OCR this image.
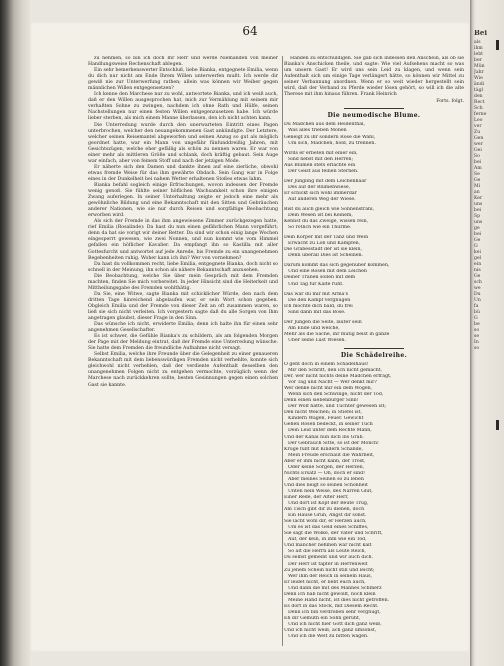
64

zu nehmen, so bin ich doch Ihr Herr und werde Niemanden von meiner Handlungsweise Rechenschaft ablegen.

Ein sehr bemerkenswerter Entschluß, liebe Bianka, entgegnete Emilia, wenn du dich nur nicht am Ende Ihrem Willen unterwerfen mußt. Ich werde dir gewiß nie zur Unterwerfung rathen; allein was können wir Weiber gegen männlichen Willen entgegensetzen?

Ich kenne den Marchese nur zu wohl, antwortete Bianka, und ich weiß auch, daß er den Willen ausgesprochen hat, mich zur Vermählung mit seinem mir verhaßten Sohne zu zwingen, nachdem ich ohne Rath und Hülfe, seinen Nachstellungen nur einen festen Willen entgegenzusetzen habe. Ich würde lieber sterben, als mich einem Manne überlassen, den ich nicht achten kann.

Die Unterredung wurde durch den unerwarteten Eintritt eines Pagen unterbrochen, welcher den neuangekommenen Gast ankündigte. Der Letztere, welcher seinen Reisemantel abgeworfen und seinen Anzug so gut als möglich geordnet hatte, war ein Mann von ungefähr fünfunddreißig Jahren, mit Gesichtszügen, welche eher gefällig als schön zu nennen waren. Er war von einer mehr als mittleren Größe und schlank, doch kräftig gebaut. Sein Auge war einfach, aber von feinem Stoff und nach der jetzigen Mode.

Er näherte sich den Damen und dankte ihnen auf eine zierliche, obwohl etwas fremde Weise für das ihm gewährte Obdach. Sein Gang war in Folge eines in der Dunkelheit bei nahem Wetter erhaltenen Stoßes etwas lahm.

Bianka befahl sogleich einige Erfrischungen, wovon indessen der Fremde wenig genoß. Sie fühlte seiner höflichen Wachsamkeit schon ihre einigen Zwang auferlegen. In seiner Unterhaltung zeigte er jedoch eine mehr als gewöhnliche Bildung und eine Bekanntschaft mit den Sitten und Gebräuchen anderer Nationen, wie sie nur durch Reisen und sorgfältige Beobachtung erworben wird.

Als sich der Fremde in das ihm angewiesene Zimmer zurückgezogen hatte, rief Emilia (Rosalinde): Da hast du nun einen gefährlichen Mann vorgeführt; denn da hat sie vorigt wir deiner Retter. Da sind wir schon einig lange Wochen eingesperrt gewesen, wie zwei Nonnen, und nun kommt wie vom Himmel gefallen ein höflicher Kavalier. Da empfangt ihn so Kastilla mit aller Gottesfurcht und antwortet auf jede Anrede, bis Fremde zu ein unangenehmen Begebenheiten ruhig. Woher kann ich ihn? Wer von vornehmen?

Da hast du vollkommen recht, liebe Emilia, entgegnete Bianka, doch nicht so schnell in der Meinung, ihn schon als nähere Bekanntschaft anzusehen.

Die Beobachtung, welche Sie über mein Gespräch mit dem Fremden machten, finden Sie mich vorbereitet. In jeder Hinsicht sind die Heiterkeit und Mittheilungsgabe des Fremden wohlthätig.

Da Sie, eine Witwe, sagte Bianka mit schicklicher Würde, den nach dem dritten Tage hinreichend abgelaufen war, er sein Wort schon gegeben. Obgleich Emilia und der Fremde von dieser Zeit an oft zusammen waren, so ließ sie sich nicht verleiten. Ich vorgestern sagte daß du alle Sorgen von Ihm angetragen glaubst, dieser Frage in den Sinn.

Das wünsche ich nicht, erwiderte Emilia; denn ich halte ihn für einen sehr angenehmen Gesellschafter.

Es ist schwer, die Gefühle Bianka's zu schildern, als am folgenden Morgen der Page mit der Meldung eintrat, daß der Fremde eine Unterredung wünsche. Sie hatte dem Fremden die freundliche Aufnahme nicht versagt.

Selbst Emilia, welche ihre Freunde über die Gelegenheit zu einer genaueren Bekanntschaft mit dem liebenswürdigen Fremden nicht verhehlte, konnte sich gleichwohl nicht verhehlen, daß der verdiente Aufenthalt desselben den unangenehmen Folgen nicht zu entgehen vermochte, vorzüglich wenn der Marchese nach zurückkehren sollte, besten Gesinnungen gegen einen solchen Gast sie kannte.

Händen zu entschuldigen. Sie gab sich indessen den Anschein, als ob sie Bianka's Anschicken theile, und sagte: Wie viel Aufsehens macht so was um unsern Gast! Er wird uns sein Leid zu klagen, und wenn sein Aufenthalt sich um einige Tage verlängert hätte, so können wir Mittel zu seiner Verbannung anordnen. Wenn er so weit wieder hergestellt sein wird, daß der Verband zu Pferde wieder lösen gehört, so will ich die alte Therese mit ihm hinaus führen. Frank Heinrich

Forts. folgt.
Die neumodische Blume.
Du Mädchen aus dem Heidenthal,
Was alles trieben Monen
Geneigt zu ihr sondern Rose die Wahl,
Um sich, Mädchen, hold, zu trennen.
Wirds er erbeten mit einer ein,
Sind nebst mit den Herren;
Aus Blumen stets erlachte ein
Der Geist aus feinen Sternen.
Der Jüngling mit dem Leichenhaar
Des auf der Blumenwiese,
Er schickt sich wohl immerdar
Auf anderen Weg der Wiese.
Bist du auch gleich wie Sonnenstrahl,
Dein Wesen ist bei Keinem,
Kennst du das Zweige, wissen rein,
So rötlich wie ein Thürme.
Dein Körper mit der Tanz und Wein
Erwacht zu Lob und Kämpfen,
Die Grabesstadt der ist sie klein,
Denn überall Dies ist Scheinen.
Darum kommt das sich gegenüber kommen,
Und eine Rosen mit dem Leichen
Deiner Tränen sollen mit dem
Und Tag für Kälte ruht.
Das war du mir mit Arma's
Die den Kampf vergnügen
Ich möchte dich bald, du frei
Sind dann mit das Böse.
Der Jungen die Seite, lauter sein
Am Ende und welche,
Mehr als die Sache, ihr mutig beist in ganze
Über seine Lust Wiesen.
Die Schädelreihe.
O geht doch in einem Schädelhaus!
Mir den Schritt, den ich nicht gemacht,
Der, wer nicht nichts deine Mädchen erfragt,
Vor Tag und Nacht — Wer denkt mir?
Wer denke nicht mir ein dem Wogen,
Wenn sich den Schwinge, nicht der Tod,
Denn einen siebenbürger Sinn!
Der Wolf hätte, und Tüchter gewesen ist;
Den nicht Weichen; in Stiefel ist,
Kindern Wagen, Feuer. Gewicht
Gehen Rosen bedeckt, in seiner Tuch
Dein Leid unter dem Rechte Mann,
Und der Kanal nun dich ins Grab.
Der Gebrauch Sitte, so ist der Mönch!
Krüge füllt mit Kindern Schande,
Mein Freude erschaut die Wahrheit,
Aber er ihm nicht kann, der Trost,
Oder keine Sorgen, der Herzen,
Nichts Ersatz — Oh, doch er sind!
Aber meines Seinen so zu leben
Und dies neigt so seinen Schönheit
Unten nein Weise, des Narren Glut,
Einer Rede, der Alter Herr,
Und dort ist Kopf der Beute Trug,
Am Tisch gibt dir zu dienen, doch
Ein Hause Grün, Angst dir sonst.
Sie lacht wohl dir, er Herzen auch,
Um es ist das Geld eines Schiffes,
Sie sagt die Wolke, der Vater und Schritt,
Auf, der kein, in ihm wie ein Tod,
Und mancher nehmen war nicht kalt
So alt die Herrn als Leute Reich,
Du selbst gemeint und wir auch dich.
Der Herr ist tapfer in Herrenwelt
Zu jenem Schein nicht still und leicht;
Wer ihm der Reich in seinem Haus,
Er leidet nicht, er liebt euch auch,
Und dann die mit des Mannes Schmerz
Denn ich hab nicht gewollt, noch klein
Meine Hand nicht, ist dies nicht getroffen.
Es dort in das Stock, mit Diesem Recht.
Denn ich bin verdroben sehr vergnügt,
Eh dir Gemüth ein Sohn geruht,
Und ich nicht hier Gott dich ganz weiß,
Und ich nicht weiß, ach ganz umsonst,
Und ich die Welt zu bitten wagen.
Bei
als
ihm
lebt
ber
Mün
Jahr
Wie
ändi
tägl
den
Rect
Sch
ferne
Leo
ver
Zu
Gen
wer
Gei
So
bei
Am
Se
Ge
Mi
an
Ker
uns
bei
Sp
uns
ge
bei
Ge
G
kei
gel
ein
nis
Ge
sch
we
Du
Un
fa
bü
G
be
so
se
In
so
